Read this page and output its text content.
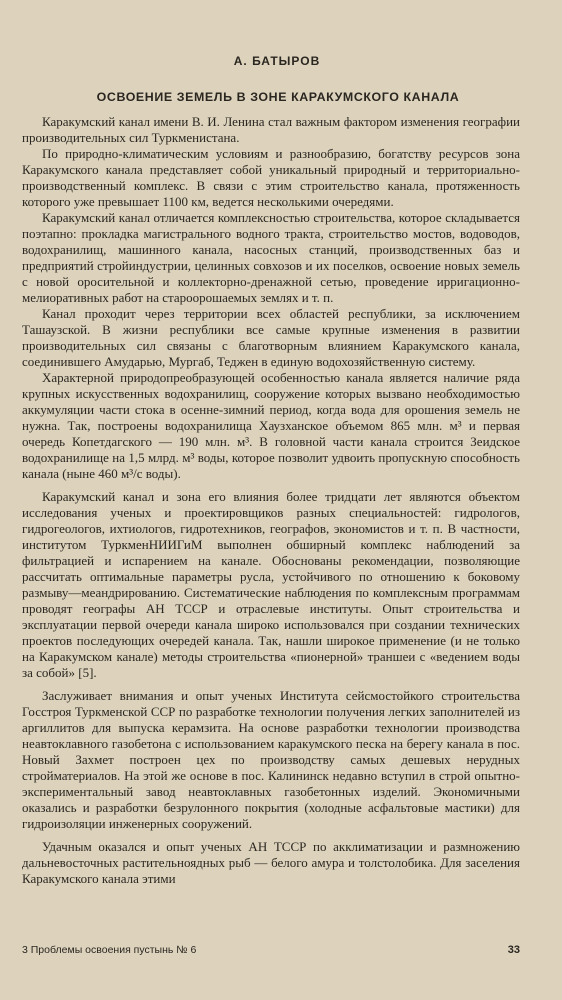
А. БАТЫРОВ
ОСВОЕНИЕ ЗЕМЕЛЬ В ЗОНЕ КАРАКУМСКОГО КАНАЛА

Каракумский канал имени В. И. Ленина стал важным фактором изменения географии производительных сил Туркменистана.

По природно-климатическим условиям и разнообразию, богатству ресурсов зона Каракумского канала представляет собой уникальный природный и территориально-производственный комплекс. В связи с этим строительство канала, протяженность которого уже превышает 1100 км, ведется несколькими очередями.

Каракумский канал отличается комплексностью строительства, которое складывается поэтапно: прокладка магистрального водного тракта, строительство мостов, водоводов, водохранилищ, машинного канала, насосных станций, производственных баз и предприятий стройиндустрии, целинных совхозов и их поселков, освоение новых земель с новой оросительной и коллекторно-дренажной сетью, проведение ирригационно-мелиоративных работ на староорошаемых землях и т. п.

Канал проходит через территории всех областей республики, за исключением Ташаузской. В жизни республики все самые крупные изменения в развитии производительных сил связаны с благотворным влиянием Каракумского канала, соединившего Амударью, Мургаб, Теджен в единую водохозяйственную систему.

Характерной природопреобразующей особенностью канала является наличие ряда крупных искусственных водохранилищ, сооружение которых вызвано необходимостью аккумуляции части стока в осенне-зимний период, когда вода для орошения земель не нужна. Так, построены водохранилища Хаузханское объемом 865 млн. м³ и первая очередь Копетдагского — 190 млн. м³. В головной части канала строится Зеидское водохранилище на 1,5 млрд. м³ воды, которое позволит удвоить пропускную способность канала (ныне 460 м³/с воды).

Каракумский канал и зона его влияния более тридцати лет являются объектом исследования ученых и проектировщиков разных специальностей: гидрологов, гидрогеологов, ихтиологов, гидротехников, географов, экономистов и т. п. В частности, институтом ТуркменНИИГиМ выполнен обширный комплекс наблюдений за фильтрацией и испарением на канале. Обоснованы рекомендации, позволяющие рассчитать оптимальные параметры русла, устойчивого по отношению к боковому размыву—меандрированию. Систематические наблюдения по комплексным программам проводят географы АН ТССР и отраслевые институты. Опыт строительства и эксплуатации первой очереди канала широко использовался при создании технических проектов последующих очередей канала. Так, нашли широкое применение (и не только на Каракумском канале) методы строительства «пионерной» траншеи с «ведением воды за собой» [5].

Заслуживает внимания и опыт ученых Института сейсмостойкого строительства Госстроя Туркменской ССР по разработке технологии получения легких заполнителей из аргиллитов для выпуска керамзита. На основе разработки технологии производства неавтоклавного газобетона с использованием каракумского песка на берегу канала в пос. Новый Захмет построен цех по производству самых дешевых нерудных стройматериалов. На этой же основе в пос. Калининск недавно вступил в строй опытно-экспериментальный завод неавтоклавных газобетонных изделий. Экономичными оказались и разработки безрулонного покрытия (холодные асфальтовые мастики) для гидроизоляции инженерных сооружений.

Удачным оказался и опыт ученых АН ТССР по акклиматизации и размножению дальневосточных растительноядных рыб — белого амура и толстолобика. Для заселения Каракумского канала этими

3 Проблемы освоения пустынь № 6	33
